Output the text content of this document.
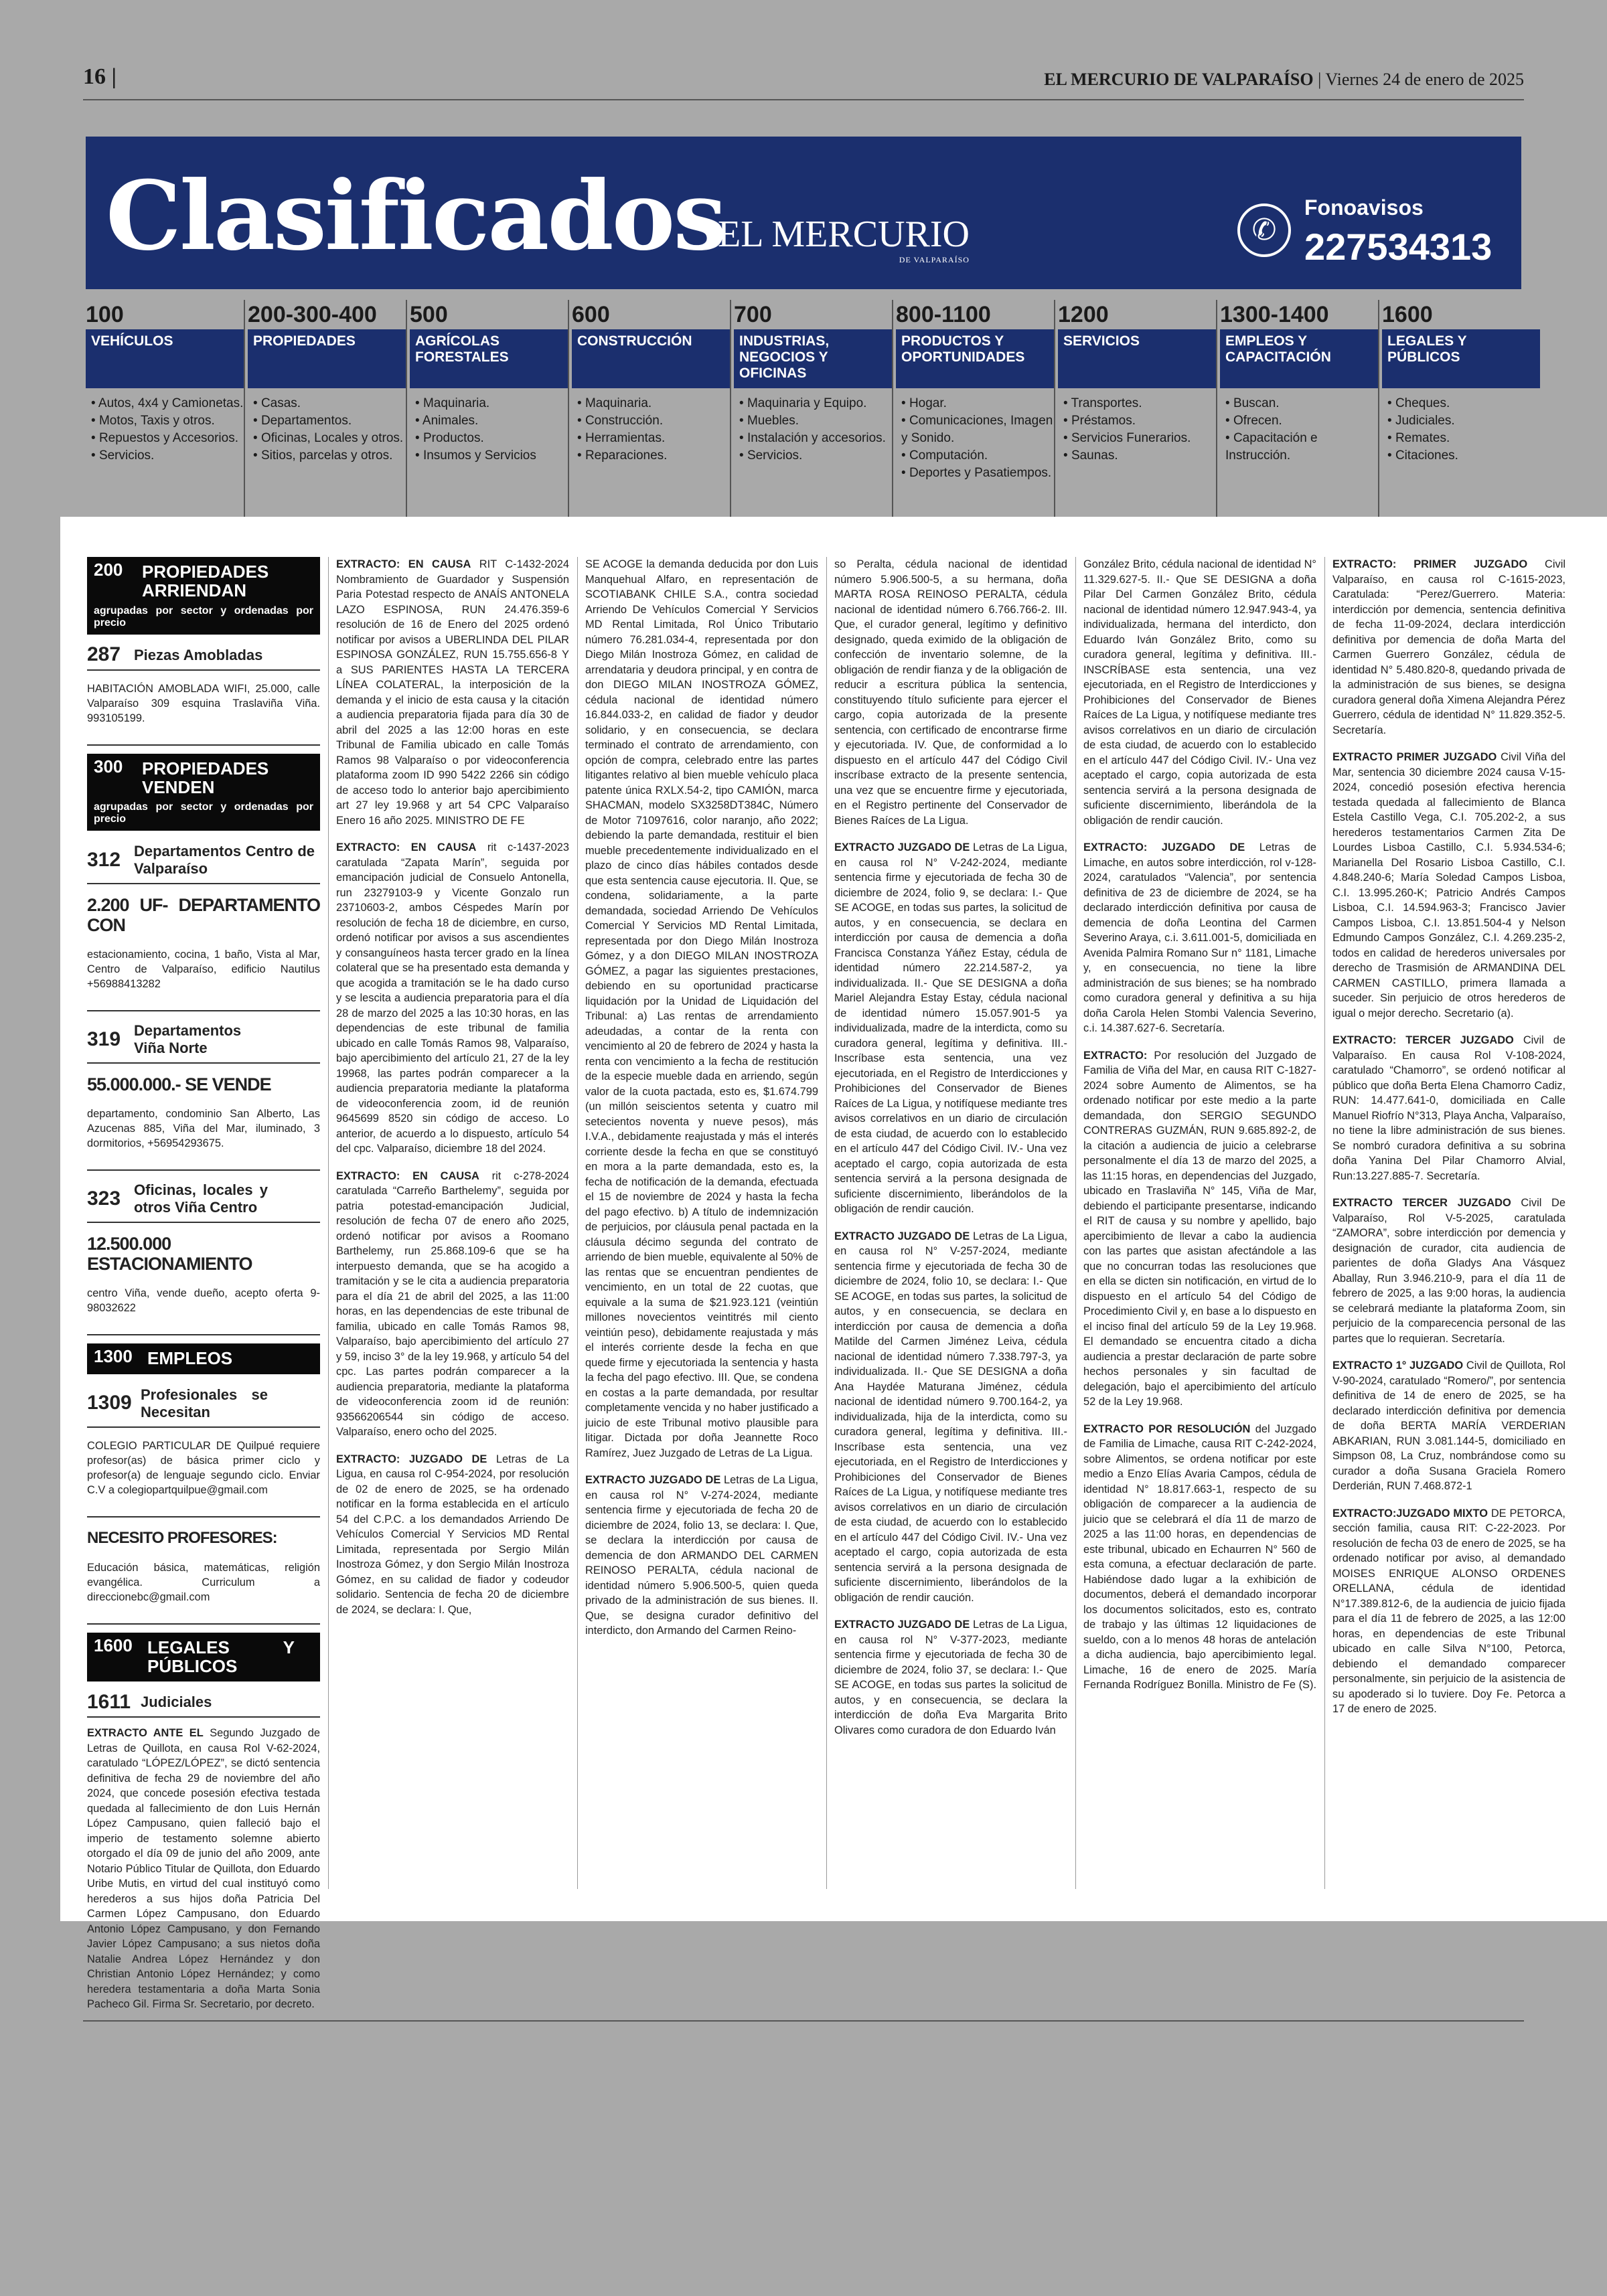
16 |	EL MERCURIO DE VALPARAÍSO | Viernes 24 de enero de 2025
Clasificados
EL MERCURIO
DE VALPARAÍSO
✆
Fonoavisos
227534313
100
VEHÍCULOS
• Autos, 4x4 y Camionetas.
• Motos, Taxis y otros.
• Repuestos y Accesorios.
• Servicios.
200-300-400
PROPIEDADES
• Casas.
• Departamentos.
• Oficinas, Locales y otros.
• Sitios, parcelas y otros.
500
AGRÍCOLAS FORESTALES
• Maquinaria.
• Animales.
• Productos.
• Insumos y Servicios
600
CONSTRUCCIÓN
• Maquinaria.
• Construcción.
• Herramientas.
• Reparaciones.
700
INDUSTRIAS, NEGOCIOS Y OFICINAS
• Maquinaria y Equipo.
• Muebles.
• Instalación y accesorios.
• Servicios.
800-1100
PRODUCTOS Y OPORTUNIDADES
• Hogar.
• Comunicaciones, Imagen y Sonido.
• Computación.
• Deportes y Pasatiempos.
1200
SERVICIOS
• Transportes.
• Préstamos.
• Servicios Funerarios.
• Saunas.
1300-1400
EMPLEOS Y CAPACITACIÓN
• Buscan.
• Ofrecen.
• Capacitación e Instrucción.
1600
LEGALES Y PÚBLICOS
• Cheques.
• Judiciales.
• Remates.
• Citaciones.
200 PROPIEDADES ARRIENDAN
agrupadas por sector y ordenadas por precio
287 Piezas Amobladas

HABITACIÓN AMOBLADA WIFI, 25.000, calle Valparaíso 309 esquina Traslaviña Viña. 993105199.

300 PROPIEDADES VENDEN
agrupadas por sector y ordenadas por precio
312 Departamentos Centro de Valparaíso

2.200 UF- DEPARTAMENTO CON

estacionamiento, cocina, 1 baño, Vista al Mar, Centro de Valparaíso, edificio Nautilus +56988413282

319 Departamentos Viña Norte

55.000.000.- SE VENDE

departamento, condominio San Alberto, Las Azucenas 885, Viña del Mar, iluminado, 3 dormitorios, +56954293675.

323 Oficinas, locales y otros Viña Centro

12.500.000 ESTACIONAMIENTO

centro Viña, vende dueño, acepto oferta 9-98032622

1300 EMPLEOS
1309 Profesionales se Necesitan

COLEGIO PARTICULAR DE Quilpué requiere profesor(as) de básica primer ciclo y profesor(a) de lenguaje segundo ciclo. Enviar C.V a colegiopartquilpue@gmail.com

NECESITO PROFESORES:

Educación básica, matemáticas, religión evangélica. Curriculum a direccionebc@gmail.com

1600 LEGALES Y PÚBLICOS
1611 Judiciales

EXTRACTO ANTE EL Segundo Juzgado de Letras de Quillota, en causa Rol V-62-2024, caratulado “LÓPEZ/LÓPEZ”, se dictó sentencia definitiva de fecha 29 de noviembre del año 2024, que concede posesión efectiva testada quedada al fallecimiento de don Luis Hernán López Campusano, quien falleció bajo el imperio de testamento solemne abierto otorgado el día 09 de junio del año 2009, ante Notario Público Titular de Quillota, don Eduardo Uribe Mutis, en virtud del cual instituyó como herederos a sus hijos doña Patricia Del Carmen López Campusano, don Eduardo Antonio López Campusano, y don Fernando Javier López Campusano; a sus nietos doña Natalie Andrea López Hernández y don Christian Antonio López Hernández; y como heredera testamentaria a doña Marta Sonia Pacheco Gil. Firma Sr. Secretario, por decreto.

EXTRACTO: EN CAUSA RIT C-1432-2024 Nombramiento de Guardador y Suspensión Paria Potestad respecto de ANAÍS ANTONELA LAZO ESPINOSA, RUN 24.476.359-6 resolución de 16 de Enero del 2025 ordenó notificar por avisos a UBERLINDA DEL PILAR ESPINOSA GONZÁLEZ, RUN 15.755.656-8 Y a SUS PARIENTES HASTA LA TERCERA LÍNEA COLATERAL, la interposición de la demanda y el inicio de esta causa y la citación a audiencia preparatoria fijada para día 30 de abril del 2025 a las 12:00 horas en este Tribunal de Familia ubicado en calle Tomás Ramos 98 Valparaíso o por videoconferencia plataforma zoom ID 990 5422 2266 sin código de acceso todo lo anterior bajo apercibimiento art 27 ley 19.968 y art 54 CPC Valparaíso Enero 16 año 2025. MINISTRO DE FE

EXTRACTO: EN CAUSA rit c-1437-2023 caratulada “Zapata Marín”, seguida por emancipación judicial de Consuelo Antonella, run 23279103-9 y Vicente Gonzalo run 23710603-2, ambos Céspedes Marín por resolución de fecha 18 de diciembre, en curso, ordenó notificar por avisos a sus ascendientes y consanguíneos hasta tercer grado en la línea colateral que se ha presentado esta demanda y que acogida a tramitación se le ha dado curso y se lescita a audiencia preparatoria para el día 28 de marzo del 2025 a las 10:30 horas, en las dependencias de este tribunal de familia ubicado en calle Tomás Ramos 98, Valparaíso, bajo apercibimiento del artículo 21, 27 de la ley 19968, las partes podrán comparecer a la audiencia preparatoria mediante la plataforma de videoconferencia zoom, id de reunión 9645699 8520 sin código de acceso. Lo anterior, de acuerdo a lo dispuesto, artículo 54 del cpc. Valparaíso, diciembre 18 del 2024.

EXTRACTO: EN CAUSA rit c-278-2024 caratulada “Carreño Barthelemy”, seguida por patria potestad-emancipación Judicial, resolución de fecha 07 de enero año 2025, ordenó notificar por avisos a Roomano Barthelemy, run 25.868.109-6 que se ha interpuesto demanda, que se ha acogido a tramitación y se le cita a audiencia preparatoria para el día 21 de abril del 2025, a las 11:00 horas, en las dependencias de este tribunal de familia, ubicado en calle Tomás Ramos 98, Valparaíso, bajo apercibimiento del artículo 27 y 59, inciso 3° de la ley 19.968, y artículo 54 del cpc. Las partes podrán comparecer a la audiencia preparatoria, mediante la plataforma de videoconferencia zoom id de reunión: 93566206544 sin código de acceso. Valparaíso, enero ocho del 2025.

EXTRACTO: JUZGADO DE Letras de La Ligua, en causa rol C-954-2024, por resolución de 02 de enero de 2025, se ha ordenado notificar en la forma establecida en el artículo 54 del C.P.C. a los demandados Arriendo De Vehículos Comercial Y Servicios MD Rental Limitada, representada por Sergio Milán Inostroza Gómez, y don Sergio Milán Inostroza Gómez, en su calidad de fiador y codeudor solidario. Sentencia de fecha 20 de diciembre de 2024, se declara: I. Que,

SE ACOGE la demanda deducida por don Luis Manquehual Alfaro, en representación de SCOTIABANK CHILE S.A., contra sociedad Arriendo De Vehículos Comercial Y Servicios MD Rental Limitada, Rol Único Tributario número 76.281.034-4, representada por don Diego Milán Inostroza Gómez, en calidad de arrendataria y deudora principal, y en contra de don DIEGO MILAN INOSTROZA GÓMEZ, cédula nacional de identidad número 16.844.033-2, en calidad de fiador y deudor solidario, y en consecuencia, se declara terminado el contrato de arrendamiento, con opción de compra, celebrado entre las partes litigantes relativo al bien mueble vehículo placa patente única RXLX.54-2, tipo CAMIÓN, marca SHACMAN, modelo SX3258DT384C, Número de Motor 71097616, color naranjo, año 2022; debiendo la parte demandada, restituir el bien mueble precedentemente individualizado en el plazo de cinco días hábiles contados desde que esta sentencia cause ejecutoria. II. Que, se condena, solidariamente, a la parte demandada, sociedad Arriendo De Vehículos Comercial Y Servicios MD Rental Limitada, representada por don Diego Milán Inostroza Gómez, y a don DIEGO MILAN INOSTROZA GÓMEZ, a pagar las siguientes prestaciones, debiendo en su oportunidad practicarse liquidación por la Unidad de Liquidación del Tribunal: a) Las rentas de arrendamiento adeudadas, a contar de la renta con vencimiento al 20 de febrero de 2024 y hasta la renta con vencimiento a la fecha de restitución de la especie mueble dada en arriendo, según valor de la cuota pactada, esto es, $1.674.799 (un millón seiscientos setenta y cuatro mil setecientos noventa y nueve pesos), más I.V.A., debidamente reajustada y más el interés corriente desde la fecha en que se constituyó en mora a la parte demandada, esto es, la fecha de notificación de la demanda, efectuada el 15 de noviembre de 2024 y hasta la fecha del pago efectivo. b) A título de indemnización de perjuicios, por cláusula penal pactada en la cláusula décimo segunda del contrato de arriendo de bien mueble, equivalente al 50% de las rentas que se encuentran pendientes de vencimiento, en un total de 22 cuotas, que equivale a la suma de $21.923.121 (veintiún millones novecientos veintitrés mil ciento veintiún peso), debidamente reajustada y más el interés corriente desde la fecha en que quede firme y ejecutoriada la sentencia y hasta la fecha del pago efectivo. III. Que, se condena en costas a la parte demandada, por resultar completamente vencida y no haber justificado a juicio de este Tribunal motivo plausible para litigar. Dictada por doña Jeannette Roco Ramírez, Juez Juzgado de Letras de La Ligua.

EXTRACTO JUZGADO DE Letras de La Ligua, en causa rol N° V-274-2024, mediante sentencia firme y ejecutoriada de fecha 20 de diciembre de 2024, folio 13, se declara: I. Que, se declara la interdicción por causa de demencia de don ARMANDO DEL CARMEN REINOSO PERALTA, cédula nacional de identidad número 5.906.500-5, quien queda privado de la administración de sus bienes. II. Que, se designa curador definitivo del interdicto, don Armando del Carmen Reino-

so Peralta, cédula nacional de identidad número 5.906.500-5, a su hermana, doña MARTA ROSA REINOSO PERALTA, cédula nacional de identidad número 6.766.766-2. III. Que, el curador general, legítimo y definitivo designado, queda eximido de la obligación de confección de inventario solemne, de la obligación de rendir fianza y de la obligación de reducir a escritura pública la sentencia, constituyendo título suficiente para ejercer el cargo, copia autorizada de la presente sentencia, con certificado de encontrarse firme y ejecutoriada. IV. Que, de conformidad a lo dispuesto en el artículo 447 del Código Civil inscríbase extracto de la presente sentencia, una vez que se encuentre firme y ejecutoriada, en el Registro pertinente del Conservador de Bienes Raíces de La Ligua.

EXTRACTO JUZGADO DE Letras de La Ligua, en causa rol N° V-242-2024, mediante sentencia firme y ejecutoriada de fecha 30 de diciembre de 2024, folio 9, se declara: I.- Que SE ACOGE, en todas sus partes, la solicitud de autos, y en consecuencia, se declara en interdicción por causa de demencia a doña Francisca Constanza Yáñez Estay, cédula de identidad número 22.214.587-2, ya individualizada. II.- Que SE DESIGNA a doña Mariel Alejandra Estay Estay, cédula nacional de identidad número 15.057.901-5 ya individualizada, madre de la interdicta, como su curadora general, legítima y definitiva. III.- Inscríbase esta sentencia, una vez ejecutoriada, en el Registro de Interdicciones y Prohibiciones del Conservador de Bienes Raíces de La Ligua, y notifíquese mediante tres avisos correlativos en un diario de circulación de esta ciudad, de acuerdo con lo establecido en el artículo 447 del Código Civil. IV.- Una vez aceptado el cargo, copia autorizada de esta sentencia servirá a la persona designada de suficiente discernimiento, liberándolos de la obligación de rendir caución.

EXTRACTO JUZGADO DE Letras de La Ligua, en causa rol N° V-257-2024, mediante sentencia firme y ejecutoriada de fecha 30 de diciembre de 2024, folio 10, se declara: I.- Que SE ACOGE, en todas sus partes, la solicitud de autos, y en consecuencia, se declara en interdicción por causa de demencia a doña Matilde del Carmen Jiménez Leiva, cédula nacional de identidad número 7.338.797-3, ya individualizada. II.- Que SE DESIGNA a doña Ana Haydée Maturana Jiménez, cédula nacional de identidad número 9.700.164-2, ya individualizada, hija de la interdicta, como su curadora general, legítima y definitiva. III.- Inscríbase esta sentencia, una vez ejecutoriada, en el Registro de Interdicciones y Prohibiciones del Conservador de Bienes Raíces de La Ligua, y notifíquese mediante tres avisos correlativos en un diario de circulación de esta ciudad, de acuerdo con lo establecido en el artículo 447 del Código Civil. IV.- Una vez aceptado el cargo, copia autorizada de esta sentencia servirá a la persona designada de suficiente discernimiento, liberándolos de la obligación de rendir caución.

EXTRACTO JUZGADO DE Letras de La Ligua, en causa rol N° V-377-2023, mediante sentencia firme y ejecutoriada de fecha 30 de diciembre de 2024, folio 37, se declara: I.- Que SE ACOGE, en todas sus partes la solicitud de autos, y en consecuencia, se declara la interdicción de doña Eva Margarita Brito Olivares como curadora de don Eduardo Iván

González Brito, cédula nacional de identidad N° 11.329.627-5. II.- Que SE DESIGNA a doña Pilar Del Carmen González Brito, cédula nacional de identidad número 12.947.943-4, ya individualizada, hermana del interdicto, don Eduardo Iván González Brito, como su curadora general, legítima y definitiva. III.- INSCRÍBASE esta sentencia, una vez ejecutoriada, en el Registro de Interdicciones y Prohibiciones del Conservador de Bienes Raíces de La Ligua, y notifíquese mediante tres avisos correlativos en un diario de circulación de esta ciudad, de acuerdo con lo establecido en el artículo 447 del Código Civil. IV.- Una vez aceptado el cargo, copia autorizada de esta sentencia servirá a la persona designada de suficiente discernimiento, liberándola de la obligación de rendir caución.

EXTRACTO: JUZGADO DE Letras de Limache, en autos sobre interdicción, rol v-128-2024, caratulados “Valencia”, por sentencia definitiva de 23 de diciembre de 2024, se ha declarado interdicción definitiva por causa de demencia de doña Leontina del Carmen Severino Araya, c.i. 3.611.001-5, domiciliada en Avenida Palmira Romano Sur n° 1181, Limache y, en consecuencia, no tiene la libre administración de sus bienes; se ha nombrado como curadora general y definitiva a su hija doña Carola Helen Stombi Valencia Severino, c.i. 14.387.627-6. Secretaría.

EXTRACTO: Por resolución del Juzgado de Familia de Viña del Mar, en causa RIT C-1827-2024 sobre Aumento de Alimentos, se ha ordenado notificar por este medio a la parte demandada, don SERGIO SEGUNDO CONTRERAS GUZMÁN, RUN 9.685.892-2, de la citación a audiencia de juicio a celebrarse personalmente el día 13 de marzo del 2025, a las 11:15 horas, en dependencias del Juzgado, ubicado en Traslaviña N° 145, Viña de Mar, debiendo el participante presentarse, indicando el RIT de causa y su nombre y apellido, bajo apercibimiento de llevar a cabo la audiencia con las partes que asistan afectándole a las que no concurran todas las resoluciones que en ella se dicten sin notificación, en virtud de lo dispuesto en el artículo 54 del Código de Procedimiento Civil y, en base a lo dispuesto en el inciso final del artículo 59 de la Ley 19.968. El demandado se encuentra citado a dicha audiencia a prestar declaración de parte sobre hechos personales y sin facultad de delegación, bajo el apercibimiento del artículo 52 de la Ley 19.968.

EXTRACTO POR RESOLUCIÓN del Juzgado de Familia de Limache, causa RIT C-242-2024, sobre Alimentos, se ordena notificar por este medio a Enzo Elías Avaria Campos, cédula de identidad N° 18.817.663-1, respecto de su obligación de comparecer a la audiencia de juicio que se celebrará el día 11 de marzo de 2025 a las 11:00 horas, en dependencias de este tribunal, ubicado en Echaurren N° 560 de esta comuna, a efectuar declaración de parte. Habiéndose dado lugar a la exhibición de documentos, deberá el demandado incorporar los documentos solicitados, esto es, contrato de trabajo y las últimas 12 liquidaciones de sueldo, con a lo menos 48 horas de antelación a dicha audiencia, bajo apercibimiento legal. Limache, 16 de enero de 2025. María Fernanda Rodríguez Bonilla. Ministro de Fe (S).

EXTRACTO: PRIMER JUZGADO Civil Valparaíso, en causa rol C-1615-2023, Caratulada: “Perez/Guerrero. Materia: interdicción por demencia, sentencia definitiva de fecha 11-09-2024, declara interdicción definitiva por demencia de doña Marta del Carmen Guerrero González, cédula de identidad N° 5.480.820-8, quedando privada de la administración de sus bienes, se designa curadora general doña Ximena Alejandra Pérez Guerrero, cédula de identidad N° 11.829.352-5. Secretaría.

EXTRACTO PRIMER JUZGADO Civil Viña del Mar, sentencia 30 diciembre 2024 causa V-15-2024, concedió posesión efectiva herencia testada quedada al fallecimiento de Blanca Estela Castillo Vega, C.I. 705.202-2, a sus herederos testamentarios Carmen Zita De Lourdes Lisboa Castillo, C.I. 5.934.534-6; Marianella Del Rosario Lisboa Castillo, C.I. 4.848.240-6; María Soledad Campos Lisboa, C.I. 13.995.260-K; Patricio Andrés Campos Lisboa, C.I. 14.594.963-3; Francisco Javier Campos Lisboa, C.I. 13.851.504-4 y Nelson Edmundo Campos González, C.I. 4.269.235-2, todos en calidad de herederos universales por derecho de Trasmisión de ARMANDINA DEL CARMEN CASTILLO, primera llamada a suceder. Sin perjuicio de otros herederos de igual o mejor derecho. Secretario (a).

EXTRACTO: TERCER JUZGADO Civil de Valparaíso. En causa Rol V-108-2024, caratulado “Chamorro”, se ordenó notificar al público que doña Berta Elena Chamorro Cadiz, RUN: 14.477.641-0, domiciliada en Calle Manuel Riofrío N°313, Playa Ancha, Valparaíso, no tiene la libre administración de sus bienes. Se nombró curadora definitiva a su sobrina doña Yanina Del Pilar Chamorro Alvial, Run:13.227.885-7. Secretaría.

EXTRACTO TERCER JUZGADO Civil De Valparaíso, Rol V-5-2025, caratulada “ZAMORA”, sobre interdicción por demencia y designación de curador, cita audiencia de parientes de doña Gladys Ana Vásquez Aballay, Run 3.946.210-9, para el día 11 de febrero de 2025, a las 9:00 horas, la audiencia se celebrará mediante la plataforma Zoom, sin perjuicio de la comparecencia personal de las partes que lo requieran. Secretaría.

EXTRACTO 1° JUZGADO Civil de Quillota, Rol V-90-2024, caratulado “Romero/”, por sentencia definitiva de 14 de enero de 2025, se ha declarado interdicción definitiva por demencia de doña BERTA MARÍA VERDERIAN ABKARIAN, RUN 3.081.144-5, domiciliado en Simpson 08, La Cruz, nombrándose como su curador a doña Susana Graciela Romero Derderián, RUN 7.468.872-1

EXTRACTO:JUZGADO MIXTO DE PETORCA, sección familia, causa RIT: C-22-2023. Por resolución de fecha 03 de enero de 2025, se ha ordenado notificar por aviso, al demandado MOISES ENRIQUE ALONSO ORDENES ORELLANA, cédula de identidad N°17.389.812-6, de la audiencia de juicio fijada para el día 11 de febrero de 2025, a las 12:00 horas, en dependencias de este Tribunal ubicado en calle Silva N°100, Petorca, debiendo el demandado comparecer personalmente, sin perjuicio de la asistencia de su apoderado si lo tuviere. Doy Fe. Petorca a 17 de enero de 2025.
